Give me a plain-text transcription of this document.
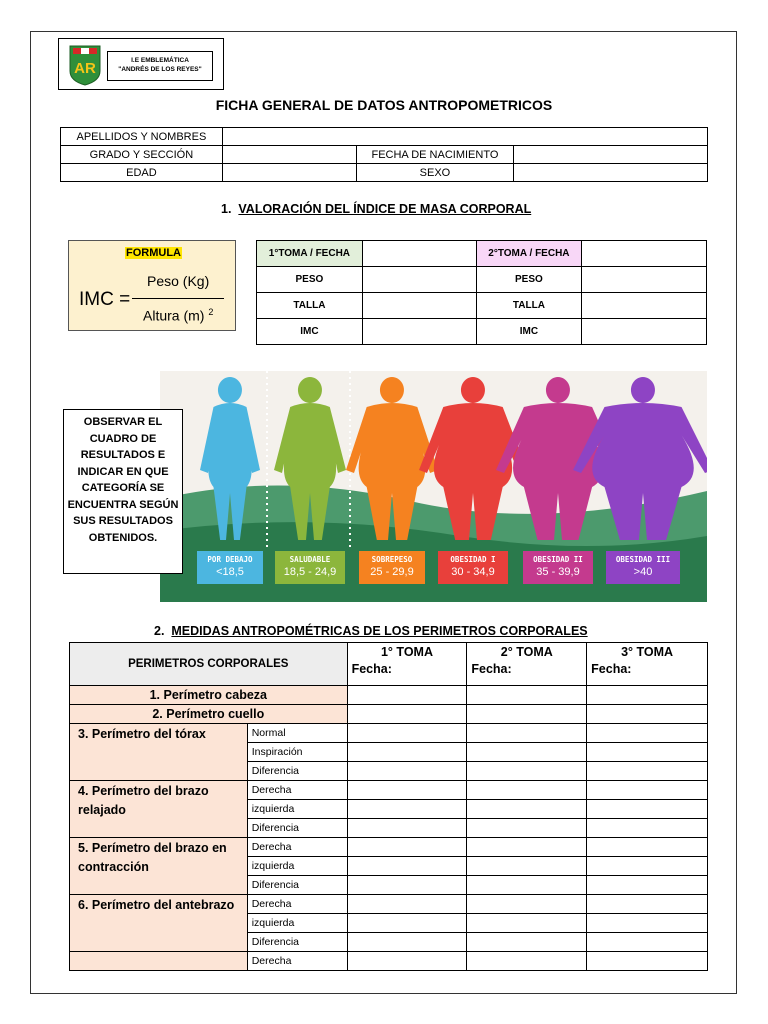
AR	I.E EMBLEMÁTICA
"ANDRÉS DE LOS REYES"
FICHA GENERAL DE DATOS ANTROPOMETRICOS
APELLIDOS Y NOMBRES			
GRADO Y SECCIÓN		FECHA DE NACIMIENTO	
EDAD		SEXO	
1. VALORACIÓN DEL ÍNDICE DE MASA CORPORAL
FORMULA
IMC =
Peso (Kg)
Altura (m) $^2$
1°TOMA / FECHA		2°TOMA / FECHA	
PESO		PESO	
TALLA		TALLA	
IMC		IMC	
POR DEBAJO
<18,5
SALUDABLE
18,5 - 24,9
SOBREPESO
25 - 29,9
OBESIDAD I
30 - 34,9
OBESIDAD II
35 - 39,9
OBESIDAD III
>40
OBSERVAR EL CUADRO DE RESULTADOS E INDICAR EN QUE CATEGORÍA SE ENCUENTRA SEGÚN SUS RESULTADOS OBTENIDOS.
2. MEDIDAS ANTROPOMÉTRICAS DE LOS PERIMETROS CORPORALES
PERIMETROS CORPORALES		1° TOMA	2° TOMA	3° TOMA
		Fecha:	Fecha:	Fecha:
1. Perímetro cabeza				
2. Perímetro cuello				
3. Perímetro del tórax	Normal			
	Inspiración			
	Diferencia			
4. Perímetro del brazo relajado	Derecha			
	izquierda			
	Diferencia			
5. Perímetro del brazo en contracción	Derecha			
	izquierda			
	Diferencia			
6. Perímetro del antebrazo	Derecha			
	izquierda			
	Diferencia			
	Derecha			
